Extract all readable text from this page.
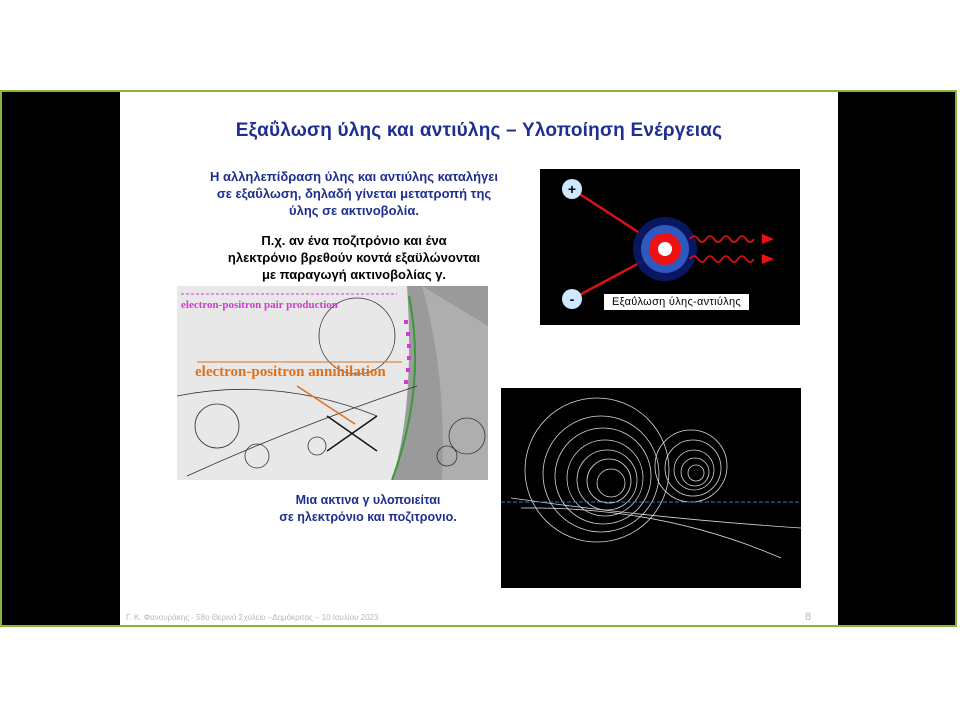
Εξαΰλωση ύλης και αντιύλης – Υλοποίηση Ενέργειας
Η αλληλεπίδραση ύλης και αντιύλης καταλήγει
σε εξαΰλωση, δηλαδή γίνεται μετατροπή της
ύλης σε ακτινοβολία.
Π.χ. αν ένα ποζιτρόνιο και ένα
ηλεκτρόνιο βρεθούν κοντά εξαϋλώνονται
με παραγωγή ακτινοβολίας γ.
electron-positron pair production
electron-positron annihilation
+
-	Εξαΰλωση ύλης-αντιύλης
Μια ακτινα γ υλοποιείται
σε ηλεκτρόνιο και ποζιτρονιο.
Γ. Κ. Φανουράκης - 58ο Θερινό Σχολείο –Δημόκριτος – 10 Ιουλίου 2023	8
